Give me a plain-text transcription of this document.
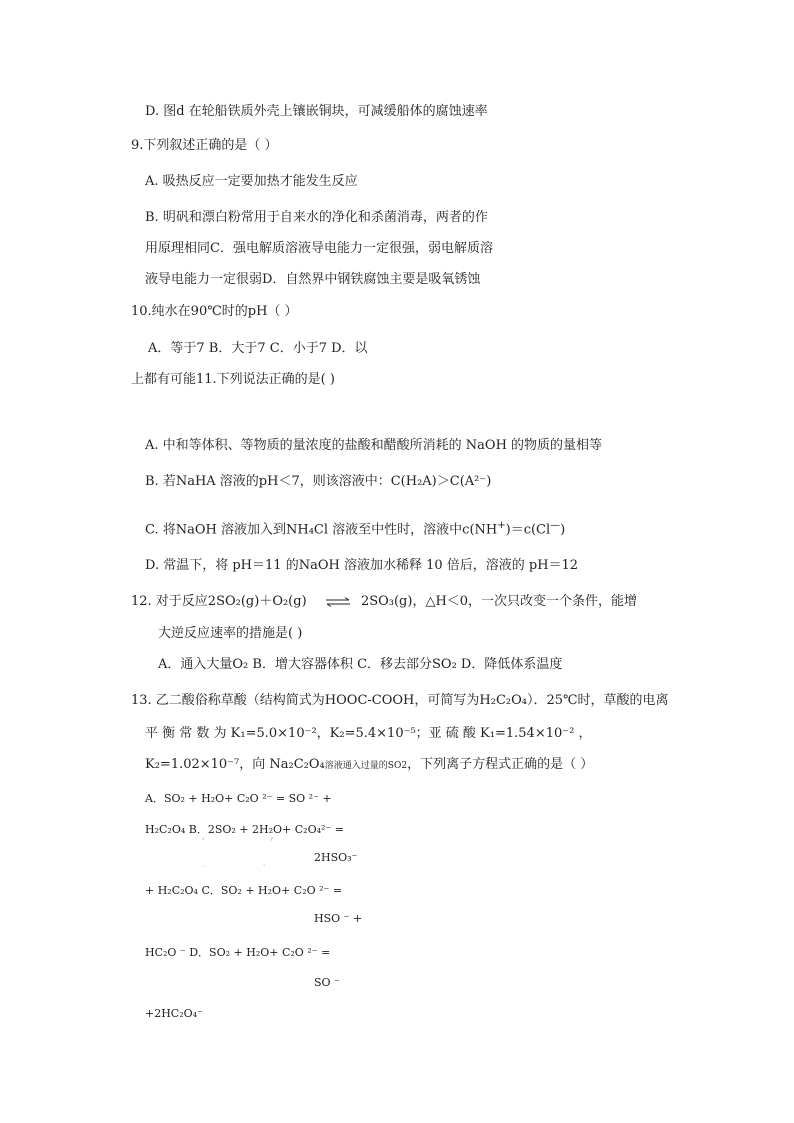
D. 图d 在轮船铁质外壳上镶嵌铜块，可减缓船体的腐蚀速率
9.下列叙述正确的是（ ）
A. 吸热反应一定要加热才能发生反应
B. 明矾和漂白粉常用于自来水的净化和杀菌消毒，两者的作
用原理相同C．强电解质溶液导电能力一定很强，弱电解质溶
液导电能力一定很弱D．自然界中钢铁腐蚀主要是吸氧锈蚀
10.纯水在90℃时的pH（ ）
A．等于7 B．大于7 C．小于7 D．以
上都有可能11.下列说法正确的是( )
A. 中和等体积、等物质的量浓度的盐酸和醋酸所消耗的 NaOH 的物质的量相等
B. 若NaHA 溶液的pH＜7，则该溶液中：C(H₂A)＞C(A²⁻)
C. 将NaOH 溶液加入到NH₄Cl 溶液至中性时，溶液中c(NH+)＝c(Cl—)
D. 常温下，将 pH＝11 的NaOH 溶液加水稀释 10 倍后，溶液的 pH＝12
12. 对于反应2SO₂(g)＋O₂(g) ⇌ 2SO₃(g)，△H＜0，一次只改变一个条件，能增
大逆反应速率的措施是( )
A．通入大量O₂ B．增大容器体积 C．移去部分SO₂ D．降低体系温度
13. 乙二酸俗称草酸（结构简式为HOOC-COOH，可简写为H₂C₂O₄）．25℃时，草酸的电离
平 衡 常 数 为 K₁=5.0×10⁻²，K₂=5.4×10⁻⁵；亚 硫 酸 K₁=1.54×10⁻² ，
K₂=1.02×10⁻⁷，向 Na₂C₂O₄溶液通入过量的SO2，下列离子方程式正确的是（ ）
A．SO₂ + H₂O+ C₂O ²⁻ = SO ²⁻ +
H₂C₂O₄ B．2SO₂ + 2H₂O+ C₂O₄²⁻ =
ʻ	ˀ
ˏ	ˎ	2HSO₃⁻
+ H₂C₂O₄ C．SO₂ + H₂O+ C₂O ²⁻ =
HSO ⁻ +
HC₂O ⁻ D．SO₂ + H₂O+ C₂O ²⁻ =
SO ⁻
+2HC₂O₄⁻
